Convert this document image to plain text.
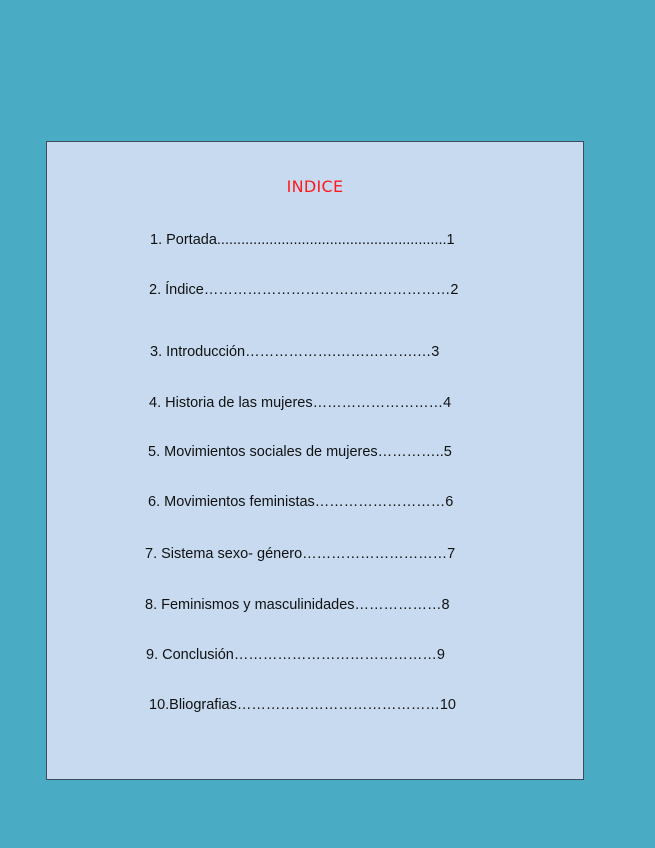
INDICE
1. Portada.........................................................1
2. Índice……………………………………………2
3. Introducción……………….…….……….…3
4. Historia de las mujeres………………………4
5. Movimientos sociales de mujeres…………..5
6. Movimientos feministas………………………6
7. Sistema sexo- género…………………………7
8. Feminismos y masculinidades………………8
9. Conclusión……………………………………9
10.Bliografias……………………………………10
